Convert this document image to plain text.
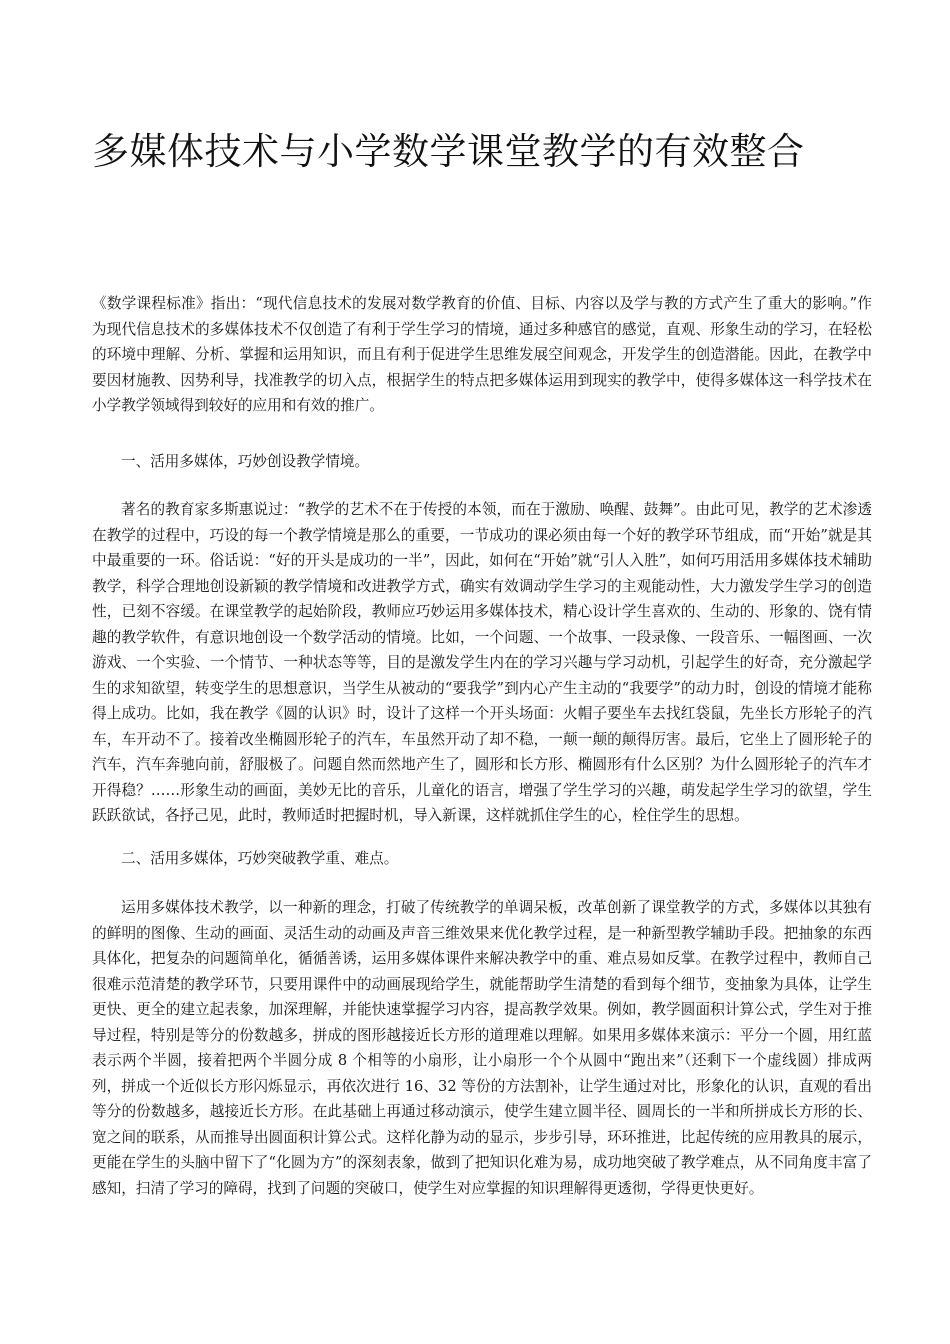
多媒体技术与小学数学课堂教学的有效整合

《数学课程标准》指出：“现代信息技术的发展对数学教育的价值、目标、内容以及学与教的方式产生了重大的影响。”作为现代信息技术的多媒体技术不仅创造了有利于学生学习的情境，通过多种感官的感觉，直观、形象生动的学习，在轻松的环境中理解、分析、掌握和运用知识，而且有利于促进学生思维发展空间观念，开发学生的创造潜能。因此，在教学中要因材施教、因势利导，找准教学的切入点，根据学生的特点把多媒体运用到现实的教学中，使得多媒体这一科学技术在小学教学领域得到较好的应用和有效的推广。

一、活用多媒体，巧妙创设教学情境。

著名的教育家多斯惠说过：“教学的艺术不在于传授的本领，而在于激励、唤醒、鼓舞”。由此可见，教学的艺术渗透在教学的过程中，巧设的每一个教学情境是那么的重要，一节成功的课必须由每一个好的教学环节组成，而“开始”就是其中最重要的一环。俗话说：“好的开头是成功的一半”，因此，如何在“开始”就“引人入胜”，如何巧用活用多媒体技术辅助教学，科学合理地创设新颖的教学情境和改进教学方式，确实有效调动学生学习的主观能动性，大力激发学生学习的创造性，已刻不容缓。在课堂教学的起始阶段，教师应巧妙运用多媒体技术，精心设计学生喜欢的、生动的、形象的、饶有情趣的教学软件，有意识地创设一个数学活动的情境。比如，一个问题、一个故事、一段录像、一段音乐、一幅图画、一次游戏、一个实验、一个情节、一种状态等等，目的是激发学生内在的学习兴趣与学习动机，引起学生的好奇，充分激起学生的求知欲望，转变学生的思想意识，当学生从被动的“要我学”到内心产生主动的“我要学”的动力时，创设的情境才能称得上成功。比如，我在教学《圆的认识》时，设计了这样一个开头场面：火帽子要坐车去找红袋鼠，先坐长方形轮子的汽车，车开动不了。接着改坐椭圆形轮子的汽车，车虽然开动了却不稳，一颠一颠的颠得厉害。最后，它坐上了圆形轮子的汽车，汽车奔驰向前，舒服极了。问题自然而然地产生了，圆形和长方形、椭圆形有什么区别？为什么圆形轮子的汽车才开得稳？……形象生动的画面，美妙无比的音乐，儿童化的语言，增强了学生学习的兴趣，萌发起学生学习的欲望，学生跃跃欲试，各抒己见，此时，教师适时把握时机，导入新课，这样就抓住学生的心，栓住学生的思想。

二、活用多媒体，巧妙突破教学重、难点。

运用多媒体技术教学，以一种新的理念，打破了传统教学的单调呆板，改革创新了课堂教学的方式，多媒体以其独有的鲜明的图像、生动的画面、灵活生动的动画及声音三维效果来优化教学过程，是一种新型教学辅助手段。把抽象的东西具体化，把复杂的问题简单化，循循善诱，运用多媒体课件来解决教学中的重、难点易如反掌。在教学过程中，教师自己很难示范清楚的教学环节，只要用课件中的动画展现给学生，就能帮助学生清楚的看到每个细节，变抽象为具体，让学生更快、更全的建立起表象，加深理解，并能快速掌握学习内容，提高教学效果。例如，教学圆面积计算公式，学生对于推导过程，特别是等分的份数越多，拼成的图形越接近长方形的道理难以理解。如果用多媒体来演示：平分一个圆，用红蓝表示两个半圆，接着把两个半圆分成 8 个相等的小扇形，让小扇形一个个从圆中“跑出来”（还剩下一个虚线圆）排成两列，拼成一个近似长方形闪烁显示，再依次进行 16、32 等份的方法割补，让学生通过对比，形象化的认识，直观的看出等分的份数越多，越接近长方形。在此基础上再通过移动演示，使学生建立圆半径、圆周长的一半和所拼成长方形的长、宽之间的联系，从而推导出圆面积计算公式。这样化静为动的显示，步步引导，环环推进，比起传统的应用教具的展示，更能在学生的头脑中留下了“化圆为方”的深刻表象，做到了把知识化难为易，成功地突破了教学难点，从不同角度丰富了感知，扫清了学习的障碍，找到了问题的突破口，使学生对应掌握的知识理解得更透彻，学得更快更好。
